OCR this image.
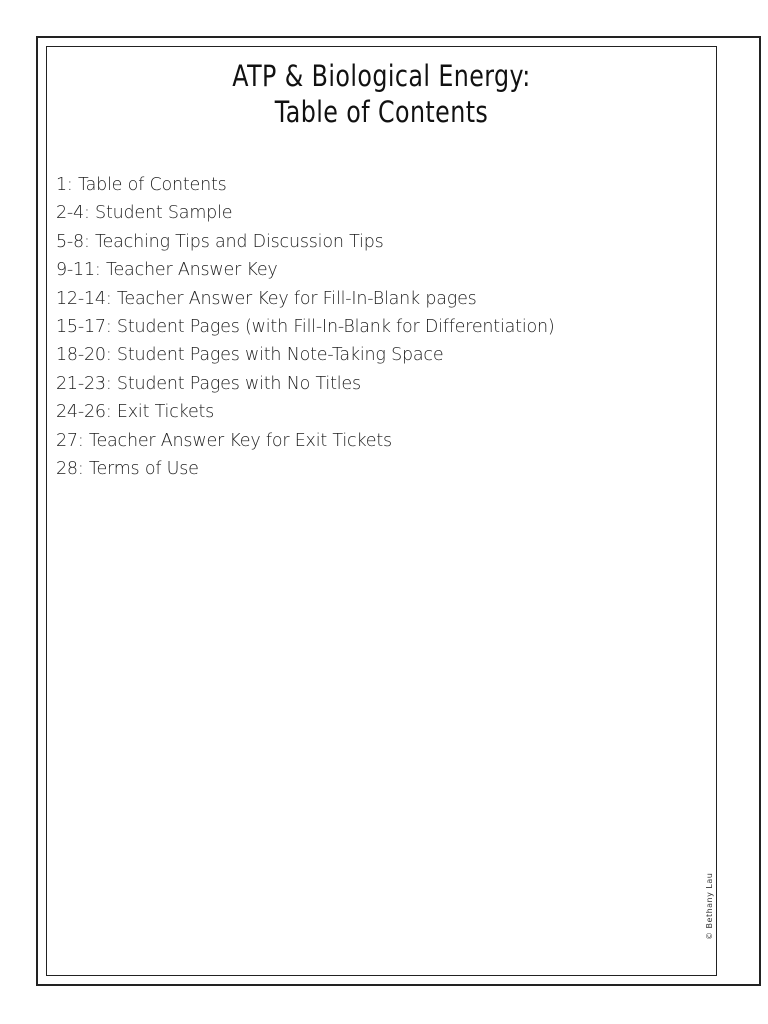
ATP & Biological Energy:
Table of Contents
1: Table of Contents
2-4: Student Sample
5-8: Teaching Tips and Discussion Tips
9-11: Teacher Answer Key
12-14: Teacher Answer Key for Fill-In-Blank pages
15-17: Student Pages (with Fill-In-Blank for Differentiation)
18-20: Student Pages with Note-Taking Space
21-23: Student Pages with No Titles
24-26: Exit Tickets
27: Teacher Answer Key for Exit Tickets
28: Terms of Use
© Bethany Lau
